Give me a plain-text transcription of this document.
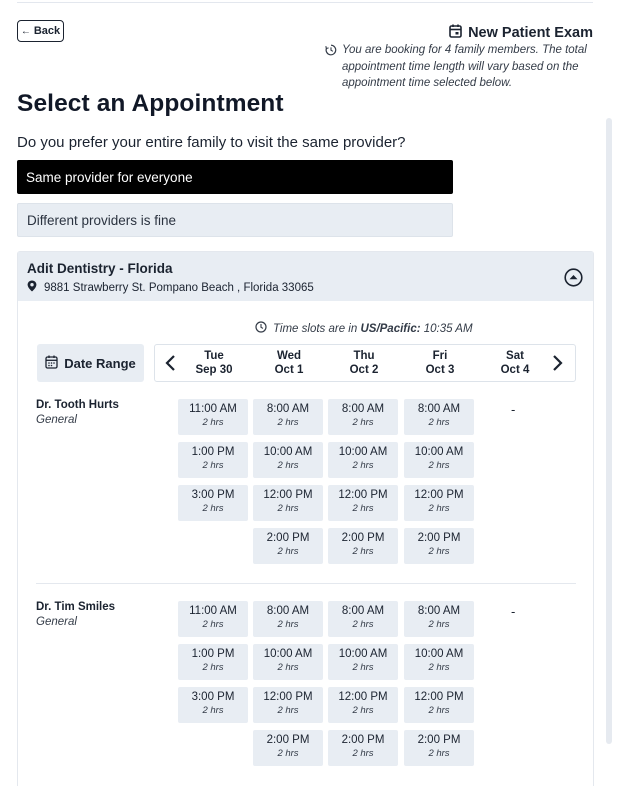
← Back	New Patient Exam
You are booking for 4 family members. The total appointment time length will vary based on the appointment time selected below.
Select an Appointment
Do you prefer your entire family to visit the same provider?
Same provider for everyone
Different providers is fine
Adit Dentistry - Florida
9881 Strawberry St. Pompano Beach , Florida 33065
Time slots are in US/Pacific: 10:35 AM
Date Range	Tue
Sep 30
Wed
Oct 1
Thu
Oct 2
Fri
Oct 3
Sat
Oct 4
Dr. Tooth Hurts
General
11:00 AM
2 hrs
1:00 PM
2 hrs
3:00 PM
2 hrs
8:00 AM
2 hrs
10:00 AM
2 hrs
12:00 PM
2 hrs
2:00 PM
2 hrs
8:00 AM
2 hrs
10:00 AM
2 hrs
12:00 PM
2 hrs
2:00 PM
2 hrs
8:00 AM
2 hrs
10:00 AM
2 hrs
12:00 PM
2 hrs
2:00 PM
2 hrs
-
Dr. Tim Smiles
General
11:00 AM
2 hrs
1:00 PM
2 hrs
3:00 PM
2 hrs
8:00 AM
2 hrs
10:00 AM
2 hrs
12:00 PM
2 hrs
2:00 PM
2 hrs
8:00 AM
2 hrs
10:00 AM
2 hrs
12:00 PM
2 hrs
2:00 PM
2 hrs
8:00 AM
2 hrs
10:00 AM
2 hrs
12:00 PM
2 hrs
2:00 PM
2 hrs
-
